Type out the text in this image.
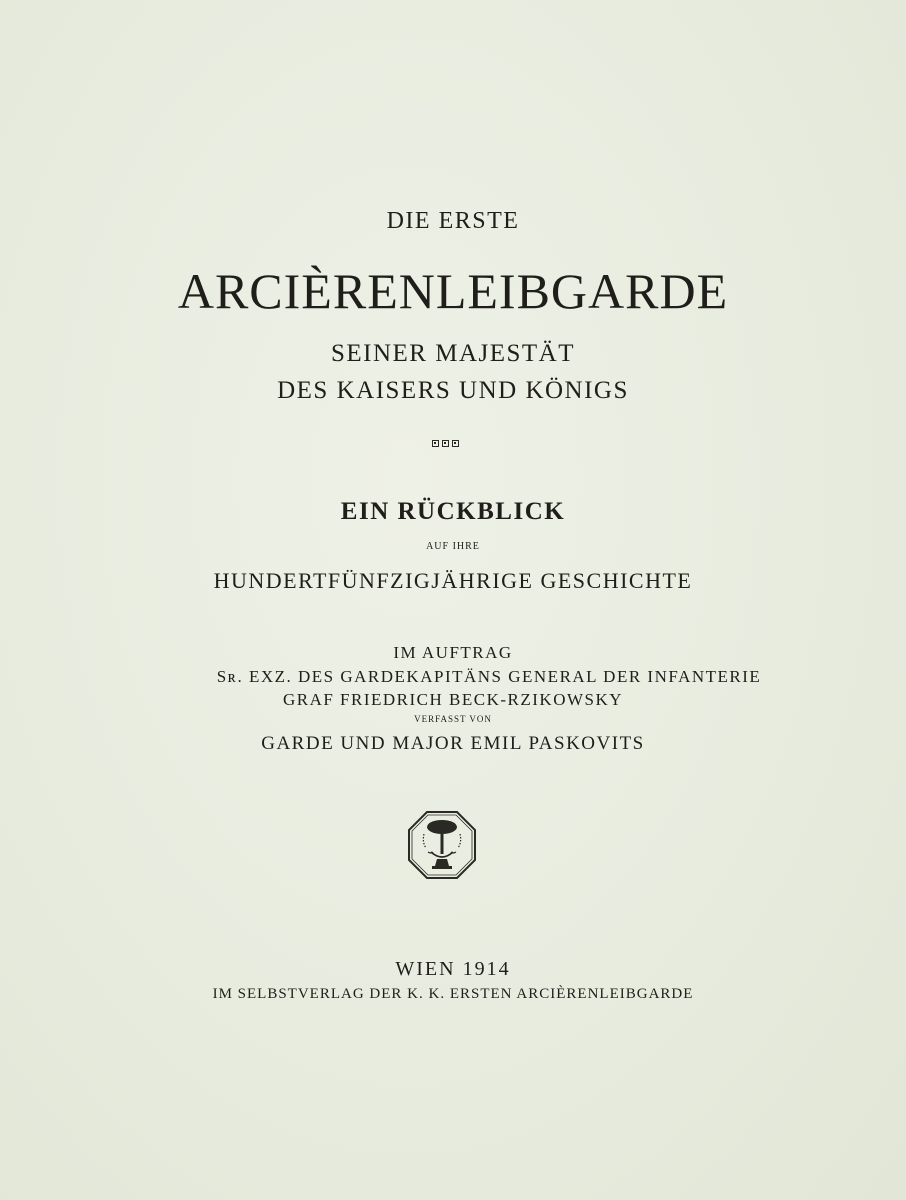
DIE ERSTE
ARCIÈRENLEIBGARDE
SEINER MAJESTÄT
DES KAISERS UND KÖNIGS
EIN RÜCKBLICK
AUF IHRE
HUNDERTFÜNFZIGJÄHRIGE GESCHICHTE
IM AUFTRAG
Sʀ. EXZ. DES GARDEKAPITÄNS GENERAL DER INFANTERIE
GRAF FRIEDRICH BECK-RZIKOWSKY
VERFASST VON
GARDE UND MAJOR EMIL PASKOVITS
WIEN 1914
IM SELBSTVERLAG DER K. K. ERSTEN ARCIÈRENLEIBGARDE
